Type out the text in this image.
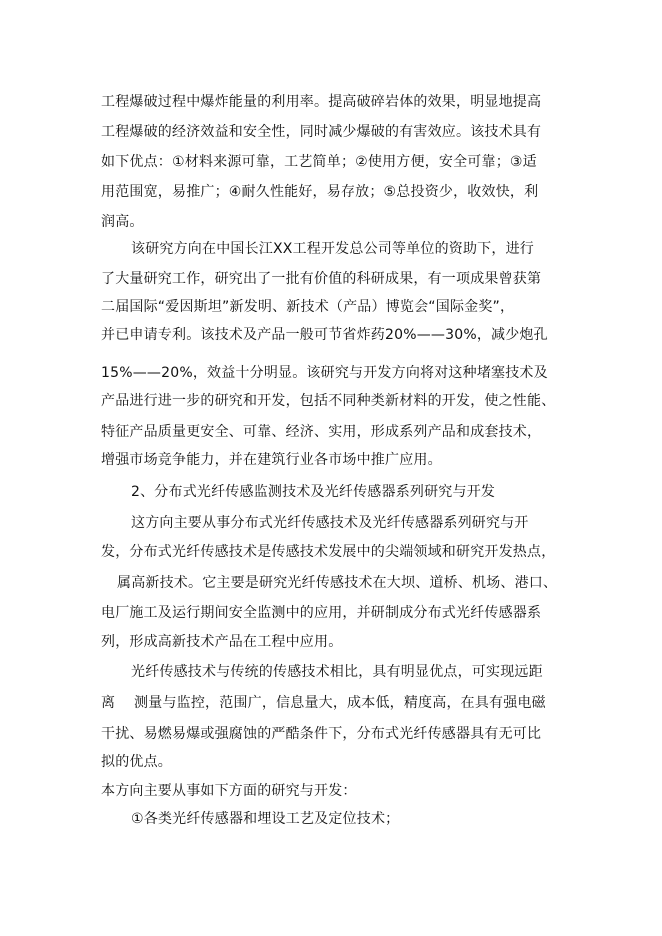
工程爆破过程中爆炸能量的利用率。提高破碎岩体的效果，明显地提高
工程爆破的经济效益和安全性，同时减少爆破的有害效应。该技术具有
如下优点：①材料来源可靠，工艺简单；②使用方便，安全可靠；③适
用范围宽，易推广；④耐久性能好，易存放；⑤总投资少，收效快，利
润高。
该研究方向在中国长江XX工程开发总公司等单位的资助下，进行
了大量研究工作，研究出了一批有价值的科研成果，有一项成果曾获第
二届国际“爱因斯坦”新发明、新技术（产品）博览会“国际金奖”，
并已申请专利。该技术及产品一般可节省炸药20%——30%，减少炮孔
15%——20%，效益十分明显。该研究与开发方向将对这种堵塞技术及
产品进行进一步的研究和开发，包括不同种类新材料的开发，使之性能、
特征产品质量更安全、可靠、经济、实用，形成系列产品和成套技术，
增强市场竞争能力，并在建筑行业各市场中推广应用。
2、分布式光纤传感监测技术及光纤传感器系列研究与开发
这方向主要从事分布式光纤传感技术及光纤传感器系列研究与开
发，分布式光纤传感技术是传感技术发展中的尖端领域和研究开发热点，
属高新技术。它主要是研究光纤传感技术在大坝、道桥、机场、港口、
电厂施工及运行期间安全监测中的应用，并研制成分布式光纤传感器系
列，形成高新技术产品在工程中应用。
光纤传感技术与传统的传感技术相比，具有明显优点，可实现远距
离　 测量与监控，范围广，信息量大，成本低，精度高，在具有强电磁
干扰、易燃易爆或强腐蚀的严酷条件下，分布式光纤传感器具有无可比
拟的优点。
本方向主要从事如下方面的研究与开发：
①各类光纤传感器和埋设工艺及定位技术；
